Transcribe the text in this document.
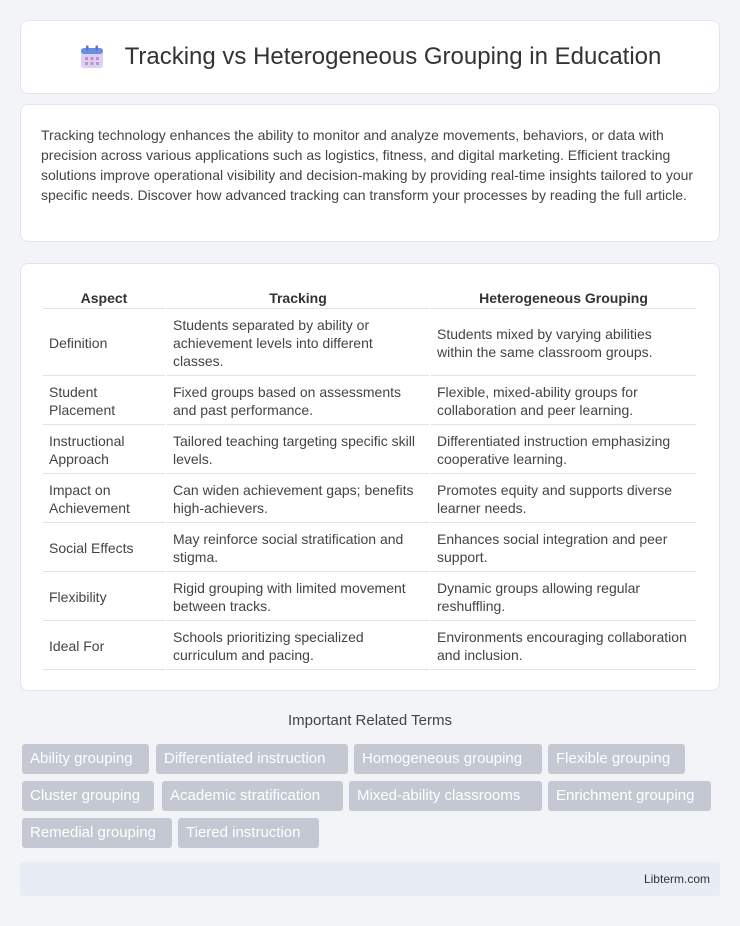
Tracking vs Heterogeneous Grouping in Education

Tracking technology enhances the ability to monitor and analyze movements, behaviors, or data with precision across various applications such as logistics, fitness, and digital marketing. Efficient tracking solutions improve operational visibility and decision-making by providing real-time insights tailored to your specific needs. Discover how advanced tracking can transform your processes by reading the full article.

Aspect	Tracking	Heterogeneous Grouping
Definition	Students separated by ability or achievement levels into different classes.	Students mixed by varying abilities within the same classroom groups.
Student Placement	Fixed groups based on assessments and past performance.	Flexible, mixed-ability groups for collaboration and peer learning.
Instructional Approach	Tailored teaching targeting specific skill levels.	Differentiated instruction emphasizing cooperative learning.
Impact on Achievement	Can widen achievement gaps; benefits high-achievers.	Promotes equity and supports diverse learner needs.
Social Effects	May reinforce social stratification and stigma.	Enhances social integration and peer support.
Flexibility	Rigid grouping with limited movement between tracks.	Dynamic groups allowing regular reshuffling.
Ideal For	Schools prioritizing specialized curriculum and pacing.	Environments encouraging collaboration and inclusion.
Important Related Terms
Ability grouping	Differentiated instruction	Homogeneous grouping	Flexible grouping
Cluster grouping	Academic stratification	Mixed-ability classrooms	Enrichment grouping
Remedial grouping	Tiered instruction
Libterm.com
